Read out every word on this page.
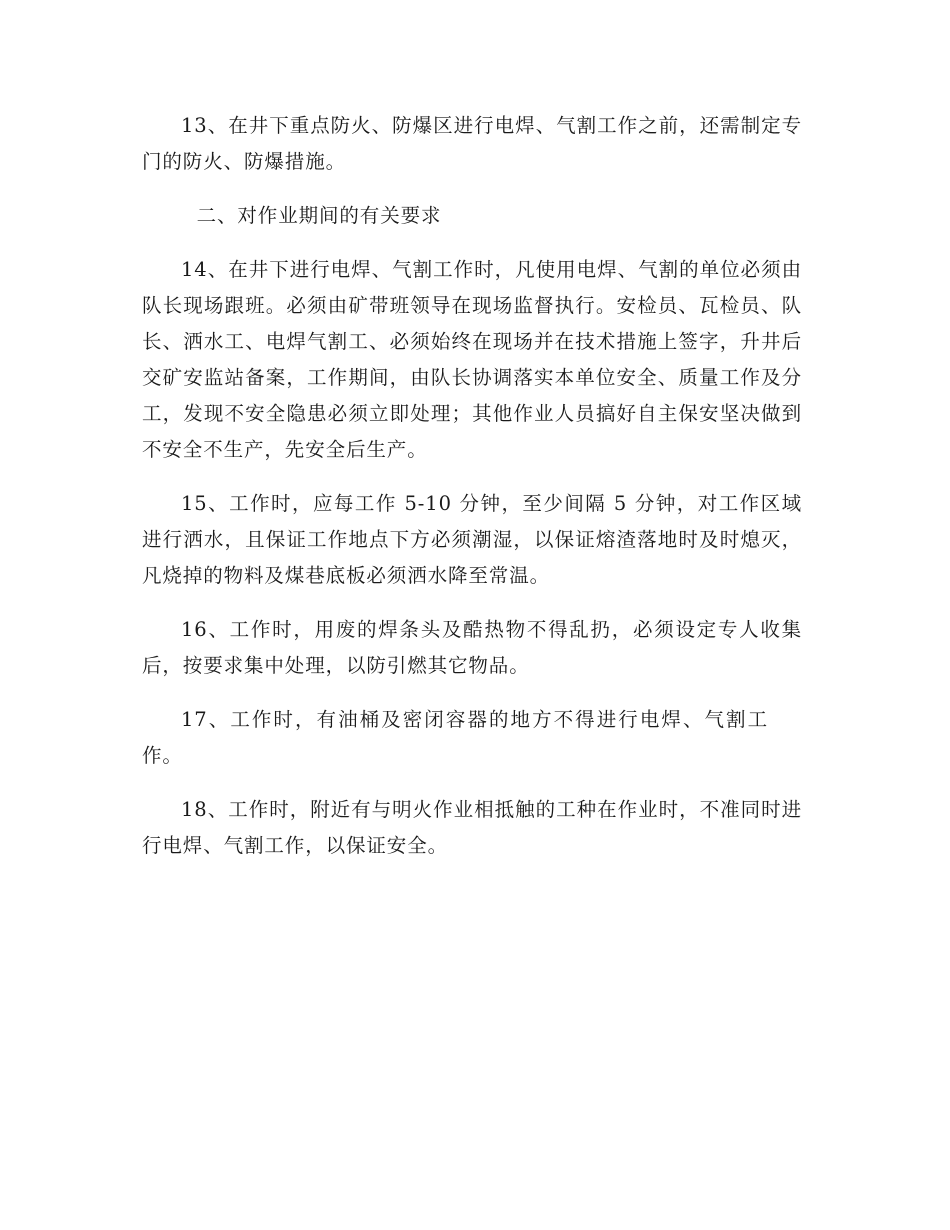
13、在井下重点防火、防爆区进行电焊、气割工作之前，还需制定专门的防火、防爆措施。

二、对作业期间的有关要求

14、在井下进行电焊、气割工作时，凡使用电焊、气割的单位必须由队长现场跟班。必须由矿带班领导在现场监督执行。安检员、瓦检员、队长、洒水工、电焊气割工、必须始终在现场并在技术措施上签字，升井后交矿安监站备案，工作期间，由队长协调落实本单位安全、质量工作及分工，发现不安全隐患必须立即处理；其他作业人员搞好自主保安坚决做到不安全不生产，先安全后生产。

15、工作时，应每工作 5-10 分钟，至少间隔 5 分钟，对工作区域进行洒水，且保证工作地点下方必须潮湿，以保证熔渣落地时及时熄灭，凡烧掉的物料及煤巷底板必须洒水降至常温。

16、工作时，用废的焊条头及酷热物不得乱扔，必须设定专人收集后，按要求集中处理，以防引燃其它物品。

17、工作时，有油桶及密闭容器的地方不得进行电焊、气割工作。

18、工作时，附近有与明火作业相抵触的工种在作业时，不准同时进行电焊、气割工作，以保证安全。
